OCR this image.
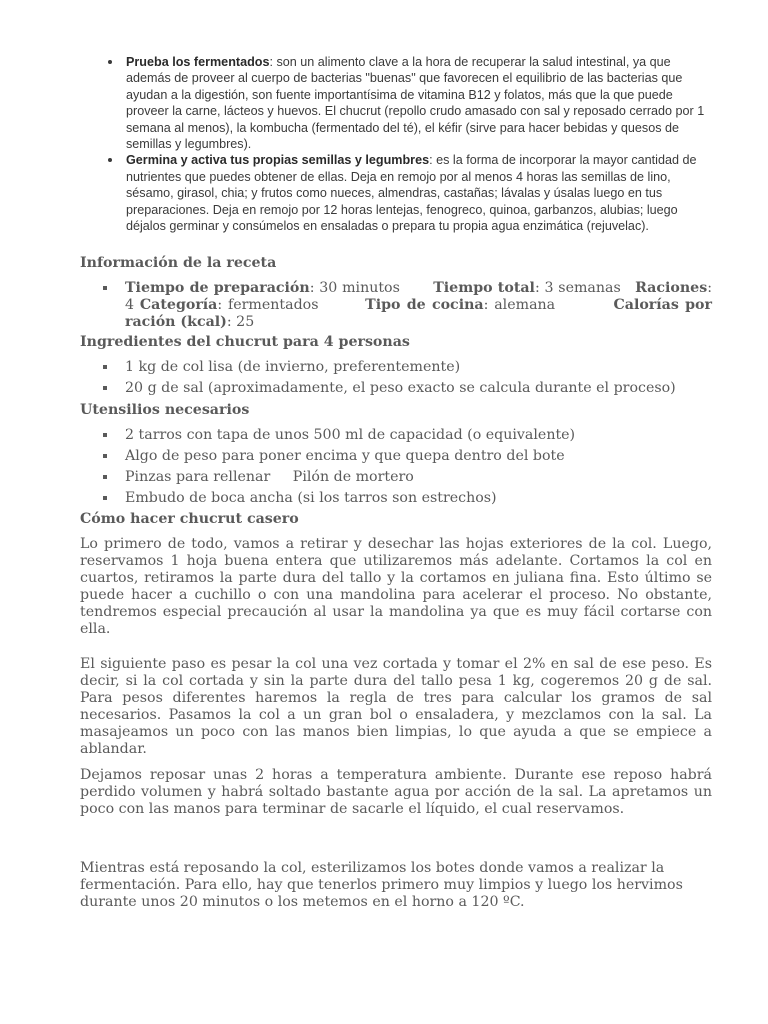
Prueba los fermentados: son un alimento clave a la hora de recuperar la salud intestinal, ya que además de proveer al cuerpo de bacterias "buenas" que favorecen el equilibrio de las bacterias que ayudan a la digestión, son fuente importantísima de vitamina B12 y folatos, más que la que puede proveer la carne, lácteos y huevos. El chucrut (repollo crudo amasado con sal y reposado cerrado por 1 semana al menos), la kombucha (fermentado del té), el kéfir (sirve para hacer bebidas y quesos de semillas y legumbres).
Germina y activa tus propias semillas y legumbres: es la forma de incorporar la mayor cantidad de nutrientes que puedes obtener de ellas. Deja en remojo por al menos 4 horas las semillas de lino, sésamo, girasol, chia; y frutos como nueces, almendras, castañas; lávalas y úsalas luego en tus preparaciones. Deja en remojo por 12 horas lentejas, fenogreco, quinoa, garbanzos, alubias; luego déjalos germinar y consúmelos en ensaladas o prepara tu propia agua enzimática (rejuvelac).
Información de la receta
Tiempo de preparación: 30 minutos Tiempo total: 3 semanas Raciones: 4 Categoría: fermentados	Tipo de cocina: alemana	Calorías por ración (kcal): 25
Ingredientes del chucrut para 4 personas
1 kg de col lisa (de invierno, preferentemente)
20 g de sal (aproximadamente, el peso exacto se calcula durante el proceso)
Utensilios necesarios
2 tarros con tapa de unos 500 ml de capacidad (o equivalente)
Algo de peso para poner encima y que quepa dentro del bote
Pinzas para rellenar     Pilón de mortero
Embudo de boca ancha (si los tarros son estrechos)
Cómo hacer chucrut casero

Lo primero de todo, vamos a retirar y desechar las hojas exteriores de la col. Luego, reservamos 1 hoja buena entera que utilizaremos más adelante. Cortamos la col en cuartos, retiramos la parte dura del tallo y la cortamos en juliana fina. Esto último se puede hacer a cuchillo o con una mandolina para acelerar el proceso. No obstante, tendremos especial precaución al usar la mandolina ya que es muy fácil cortarse con ella.

El siguiente paso es pesar la col una vez cortada y tomar el 2% en sal de ese peso. Es decir, si la col cortada y sin la parte dura del tallo pesa 1 kg, cogeremos 20 g de sal. Para pesos diferentes haremos la regla de tres para calcular los gramos de sal necesarios. Pasamos la col a un gran bol o ensaladera, y mezclamos con la sal. La masajeamos un poco con las manos bien limpias, lo que ayuda a que se empiece a ablandar.

Dejamos reposar unas 2 horas a temperatura ambiente. Durante ese reposo habrá perdido volumen y habrá soltado bastante agua por acción de la sal. La apretamos un poco con las manos para terminar de sacarle el líquido, el cual reservamos.

Mientras está reposando la col, esterilizamos los botes donde vamos a realizar la fermentación. Para ello, hay que tenerlos primero muy limpios y luego los hervimos durante unos 20 minutos o los metemos en el horno a 120 ºC.
